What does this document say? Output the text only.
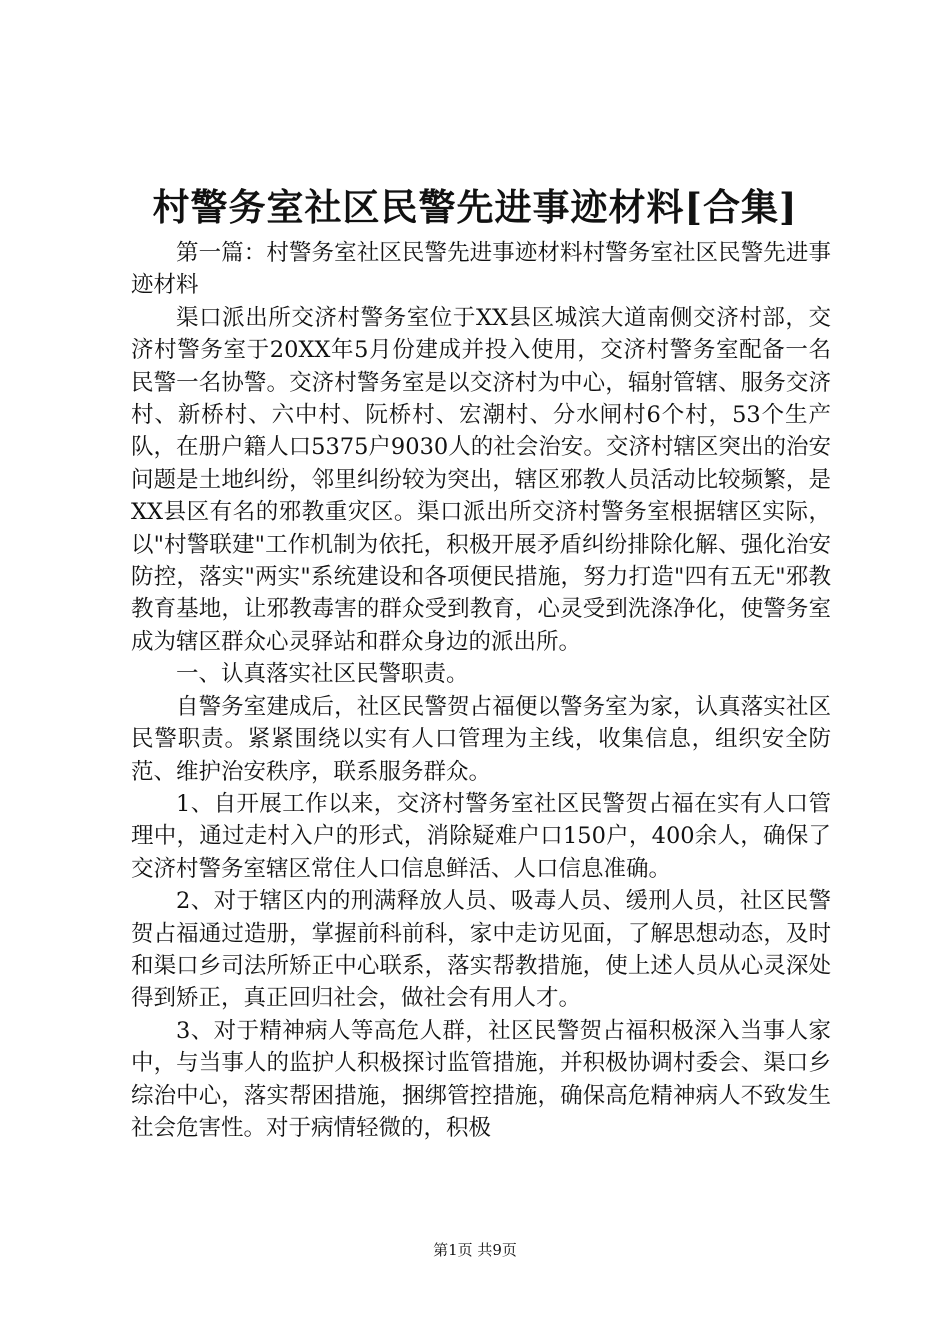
村警务室社区民警先进事迹材料[合集]

第一篇：村警务室社区民警先进事迹材料村警务室社区民警先进事迹材料

渠口派出所交济村警务室位于XX县区城滨大道南侧交济村部，交济村警务室于20XX年5月份建成并投入使用，交济村警务室配备一名民警一名协警。交济村警务室是以交济村为中心，辐射管辖、服务交济村、新桥村、六中村、阮桥村、宏潮村、分水闸村6个村，53个生产队，在册户籍人口5375户9030人的社会治安。交济村辖区突出的治安问题是土地纠纷，邻里纠纷较为突出，辖区邪教人员活动比较频繁，是XX县区有名的邪教重灾区。渠口派出所交济村警务室根据辖区实际，以"村警联建"工作机制为依托，积极开展矛盾纠纷排除化解、强化治安防控，落实"两实"系统建设和各项便民措施，努力打造"四有五无"邪教教育基地，让邪教毒害的群众受到教育，心灵受到洗涤净化，使警务室成为辖区群众心灵驿站和群众身边的派出所。

一、认真落实社区民警职责。

自警务室建成后，社区民警贺占福便以警务室为家，认真落实社区民警职责。紧紧围绕以实有人口管理为主线，收集信息，组织安全防范、维护治安秩序，联系服务群众。

1、自开展工作以来，交济村警务室社区民警贺占福在实有人口管理中，通过走村入户的形式，消除疑难户口150户，400余人，确保了交济村警务室辖区常住人口信息鲜活、人口信息准确。

2、对于辖区内的刑满释放人员、吸毒人员、缓刑人员，社区民警贺占福通过造册，掌握前科前科，家中走访见面，了解思想动态，及时和渠口乡司法所矫正中心联系，落实帮教措施，使上述人员从心灵深处得到矫正，真正回归社会，做社会有用人才。

3、对于精神病人等高危人群，社区民警贺占福积极深入当事人家中，与当事人的监护人积极探讨监管措施，并积极协调村委会、渠口乡综治中心，落实帮困措施，捆绑管控措施，确保高危精神病人不致发生社会危害性。对于病情轻微的，积极

第1页 共9页
